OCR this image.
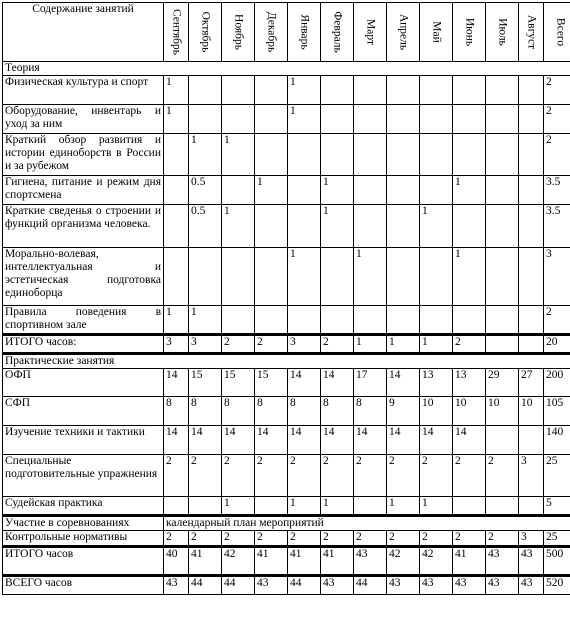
Содержание занятий	Сентябрь	Октябрь	Ноябрь	Декабрь	Январь	Февраль	Март	Апрель	Май	Июнь	Июль	Август	Всего

Теория													
Физическая культура и спорт	1				1								2
Оборудование, инвентарь и уход за ним	1				1								2
Краткий обзор развития и истории единоборств в России и за рубежом		1	1										2
Гигиена, питание и режим дня спортсмена		0.5		1		1				1			3.5
Краткие сведенья о строении и функций организма человека.		0.5	1			1			1				3.5
Морально-волевая, интеллектуальная и эстетическая подготовка единоборца					1		1			1			3
Правила поведения в спортивном зале	1	1											2
ИТОГО часов:	3	3	2	2	3	2	1	1	1	2			20
Практические занятия													
ОФП	14	15	15	15	14	14	17	14	13	13	29	27	200
СФП	8	8	8	8	8	8	8	9	10	10	10	10	105
Изучение техники и тактики	14	14	14	14	14	14	14	14	14	14			140
Специальные подготовительные упражнения	2	2	2	2	2	2	2	2	2	2	2	3	25
Судейская практика			1		1	1		1	1				5
Участие в соревнованиях	календарный план мероприятий												
Контрольные нормативы	2	2	2	2	2	2	2	2	2	2	2	3	25
ИТОГО часов	40	41	42	41	41	41	43	42	42	41	43	43	500
ВСЕГО часов	43	44	44	43	44	43	44	43	43	43	43	43	520
